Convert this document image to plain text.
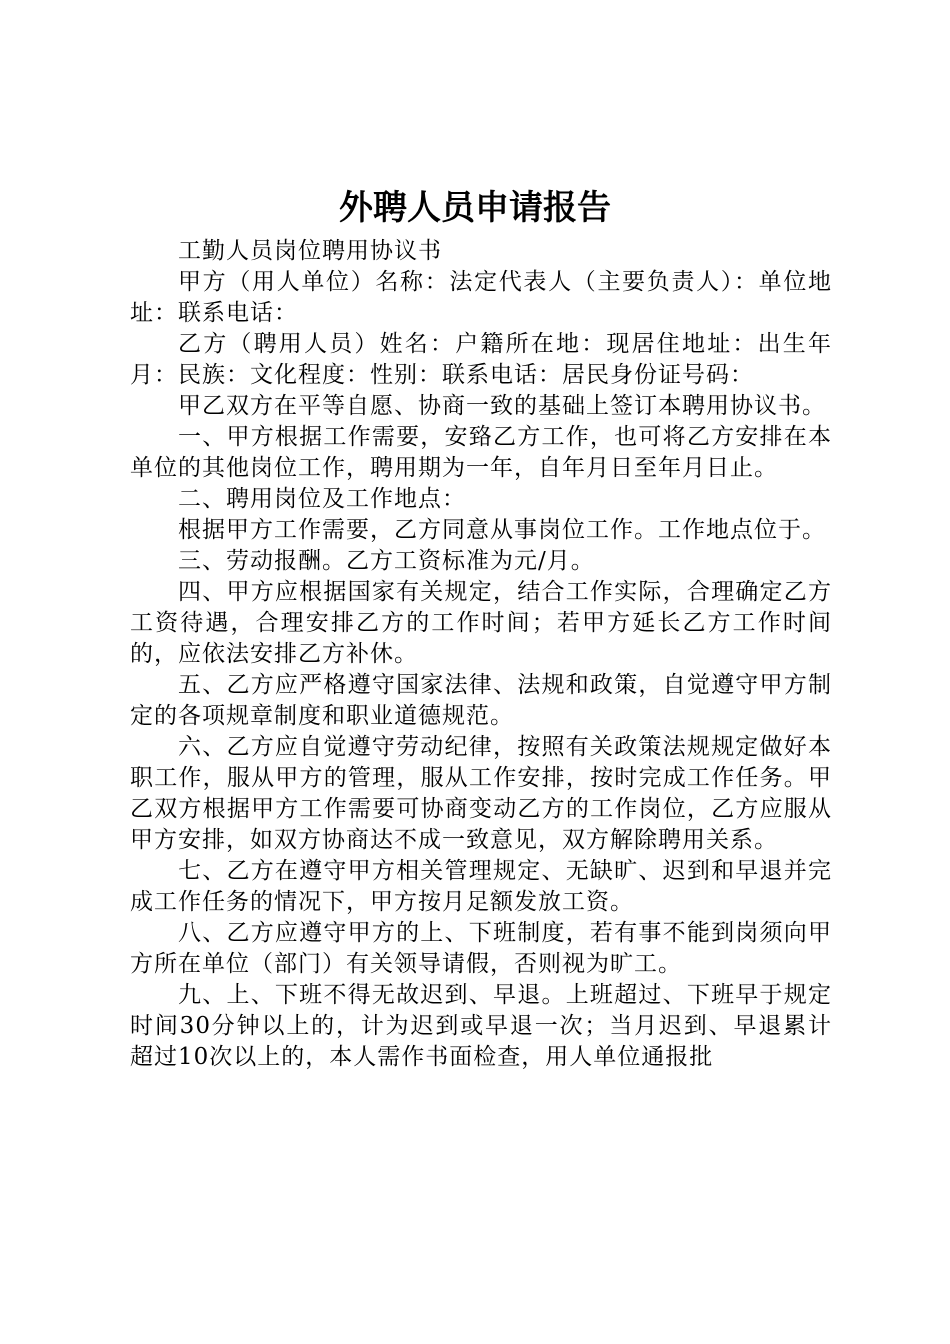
外聘人员申请报告

工勤人员岗位聘用协议书

甲方（用人单位）名称：法定代表人（主要负责人）：单位地址：联系电话：

乙方（聘用人员）姓名：户籍所在地：现居住地址：出生年月：民族：文化程度：性别：联系电话：居民身份证号码：

甲乙双方在平等自愿、协商一致的基础上签订本聘用协议书。

一、甲方根据工作需要，安臵乙方工作，也可将乙方安排在本单位的其他岗位工作，聘用期为一年，自年月日至年月日止。

二、聘用岗位及工作地点：

根据甲方工作需要，乙方同意从事岗位工作。工作地点位于。

三、劳动报酬。乙方工资标准为元/月。

四、甲方应根据国家有关规定，结合工作实际，合理确定乙方工资待遇，合理安排乙方的工作时间；若甲方延长乙方工作时间的，应依法安排乙方补休。

五、乙方应严格遵守国家法律、法规和政策，自觉遵守甲方制定的各项规章制度和职业道德规范。

六、乙方应自觉遵守劳动纪律，按照有关政策法规规定做好本职工作，服从甲方的管理，服从工作安排，按时完成工作任务。甲乙双方根据甲方工作需要可协商变动乙方的工作岗位，乙方应服从甲方安排，如双方协商达不成一致意见，双方解除聘用关系。

七、乙方在遵守甲方相关管理规定、无缺旷、迟到和早退并完成工作任务的情况下，甲方按月足额发放工资。

八、乙方应遵守甲方的上、下班制度，若有事不能到岗须向甲方所在单位（部门）有关领导请假，否则视为旷工。

九、上、下班不得无故迟到、早退。上班超过、下班早于规定时间30分钟以上的，计为迟到或早退一次；当月迟到、早退累计超过10次以上的，本人需作书面检查，用人单位通报批
